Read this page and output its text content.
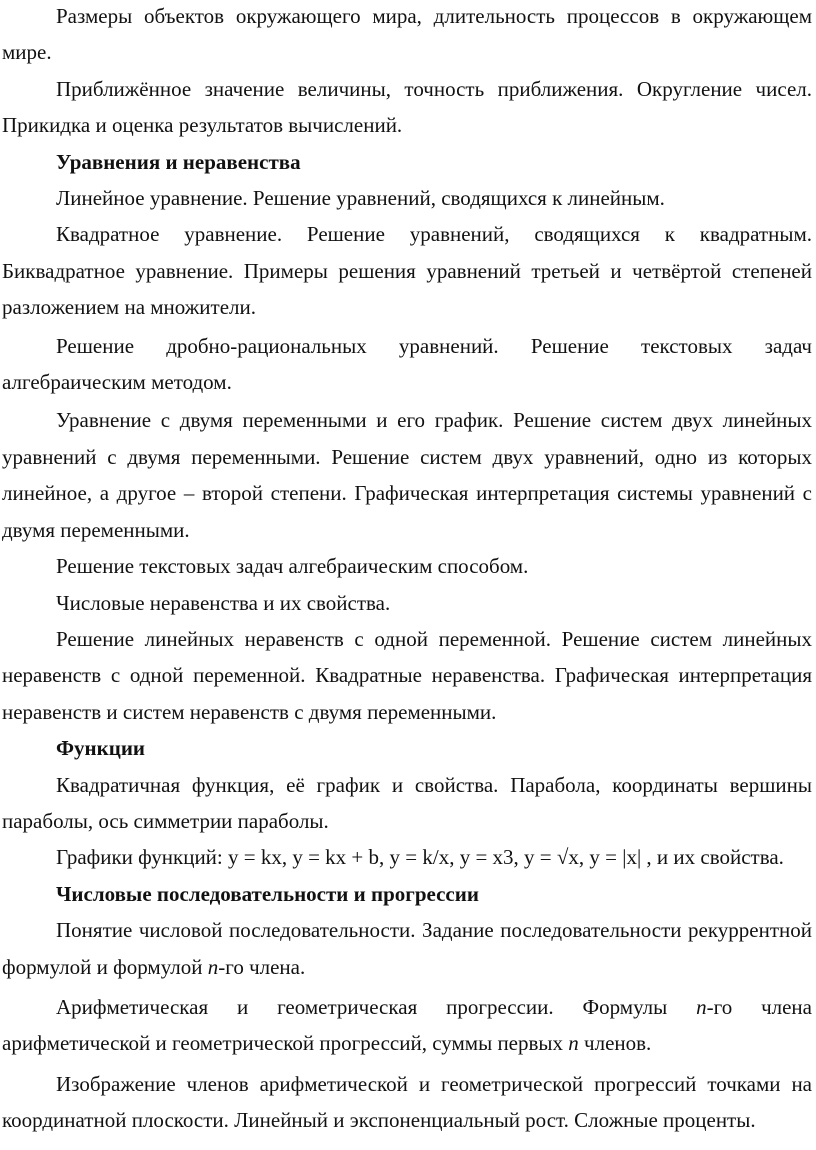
Размеры объектов окружающего мира, длительность процессов в окружающем мире.

Приближённое значение величины, точность приближения. Округление чисел. Прикидка и оценка результатов вычислений.

Уравнения и неравенства

Линейное уравнение. Решение уравнений, сводящихся к линейным.

Квадратное уравнение. Решение уравнений, сводящихся к квадратным. Биквадратное уравнение. Примеры решения уравнений третьей и четвёртой степеней разложением на множители.

Решение дробно-рациональных уравнений. Решение текстовых задач алгебраическим методом.

Уравнение с двумя переменными и его график. Решение систем двух линейных уравнений с двумя переменными. Решение систем двух уравнений, одно из которых линейное, а другое – второй степени. Графическая интерпретация системы уравнений с двумя переменными.

Решение текстовых задач алгебраическим способом.

Числовые неравенства и их свойства.

Решение линейных неравенств с одной переменной. Решение систем линейных неравенств с одной переменной. Квадратные неравенства. Графическая интерпретация неравенств и систем неравенств с двумя переменными.

Функции

Квадратичная функция, её график и свойства. Парабола, координаты вершины параболы, ось симметрии параболы.

Графики функций: y = kx, y = kx + b, y = k/x, y = x3, y = √x, y = |x| , и их свойства.

Числовые последовательности и прогрессии

Понятие числовой последовательности. Задание последовательности рекуррентной формулой и формулой n-го члена.

Арифметическая и геометрическая прогрессии. Формулы n-го члена арифметической и геометрической прогрессий, суммы первых n членов.

Изображение членов арифметической и геометрической прогрессий точками на координатной плоскости. Линейный и экспоненциальный рост. Сложные проценты.
